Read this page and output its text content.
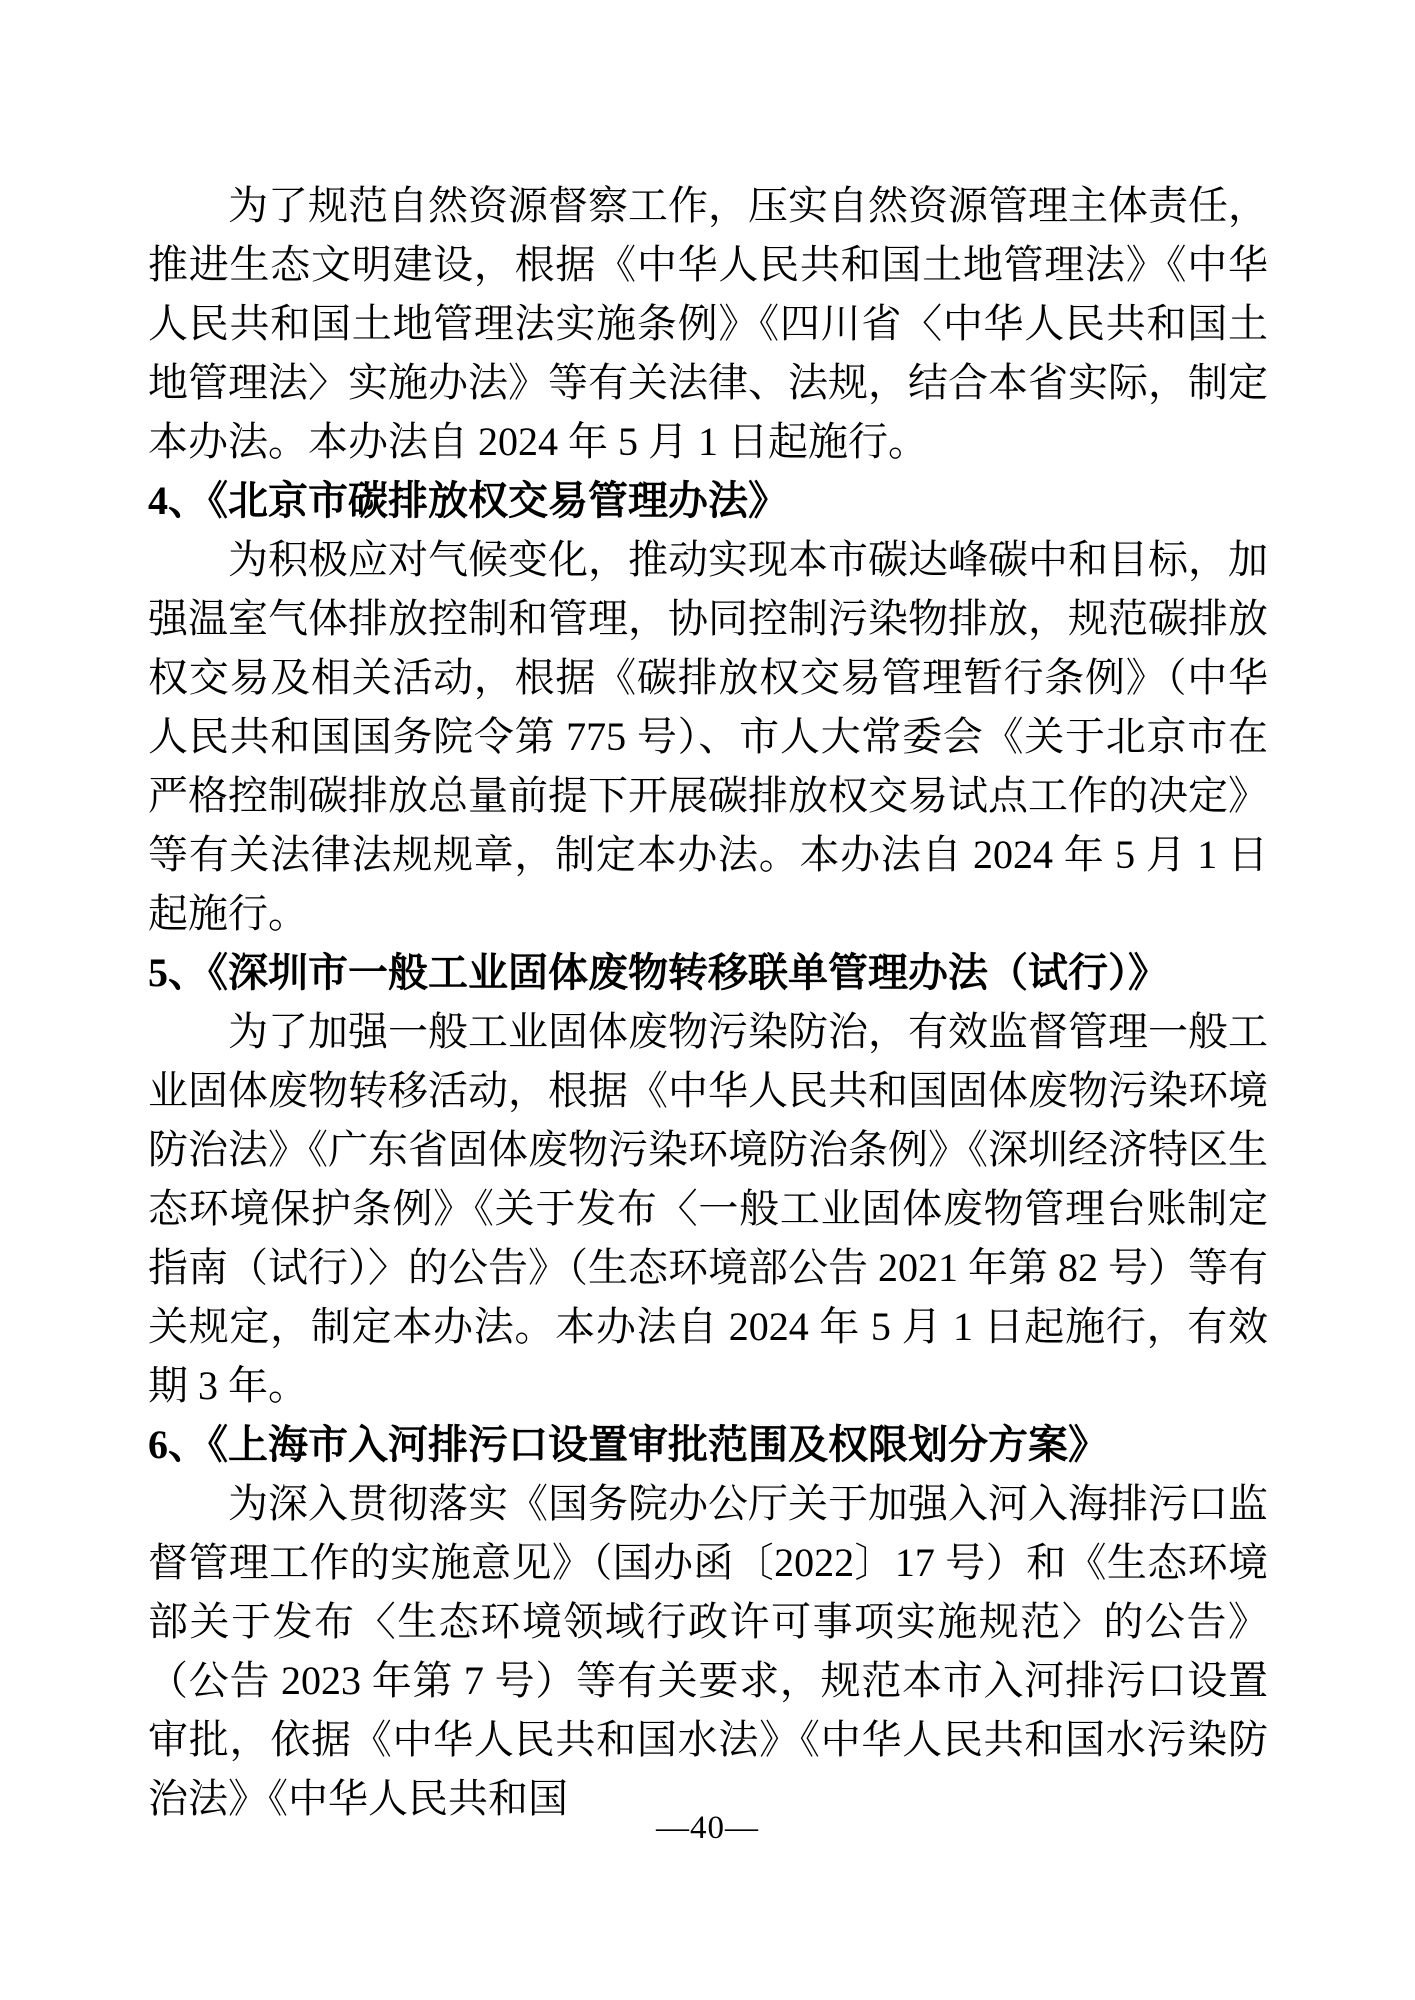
为了规范自然资源督察工作，压实自然资源管理主体责任，推进生态文明建设，根据《中华人民共和国土地管理法》《中华人民共和国土地管理法实施条例》《四川省〈中华人民共和国土地管理法〉实施办法》等有关法律、法规，结合本省实际，制定本办法。本办法自 2024 年 5 月 1 日起施行。

4、《北京市碳排放权交易管理办法》

为积极应对气候变化，推动实现本市碳达峰碳中和目标，加强温室气体排放控制和管理，协同控制污染物排放，规范碳排放权交易及相关活动，根据《碳排放权交易管理暂行条例》（中华人民共和国国务院令第 775 号）、市人大常委会《关于北京市在严格控制碳排放总量前提下开展碳排放权交易试点工作的决定》等有关法律法规规章，制定本办法。本办法自 2024 年 5 月 1 日起施行。

5、《深圳市一般工业固体废物转移联单管理办法（试行）》

为了加强一般工业固体废物污染防治，有效监督管理一般工业固体废物转移活动，根据《中华人民共和国固体废物污染环境防治法》《广东省固体废物污染环境防治条例》《深圳经济特区生态环境保护条例》《关于发布〈一般工业固体废物管理台账制定指南（试行）〉的公告》（生态环境部公告 2021 年第 82 号）等有关规定，制定本办法。本办法自 2024 年 5 月 1 日起施行，有效期 3 年。

6、《上海市入河排污口设置审批范围及权限划分方案》

为深入贯彻落实《国务院办公厅关于加强入河入海排污口监督管理工作的实施意见》（国办函〔2022〕17 号）和《生态环境部关于发布〈生态环境领域行政许可事项实施规范〉的公告》（公告 2023 年第 7 号）等有关要求，规范本市入河排污口设置审批，依据《中华人民共和国水法》《中华人民共和国水污染防治法》《中华人民共和国

—40—
